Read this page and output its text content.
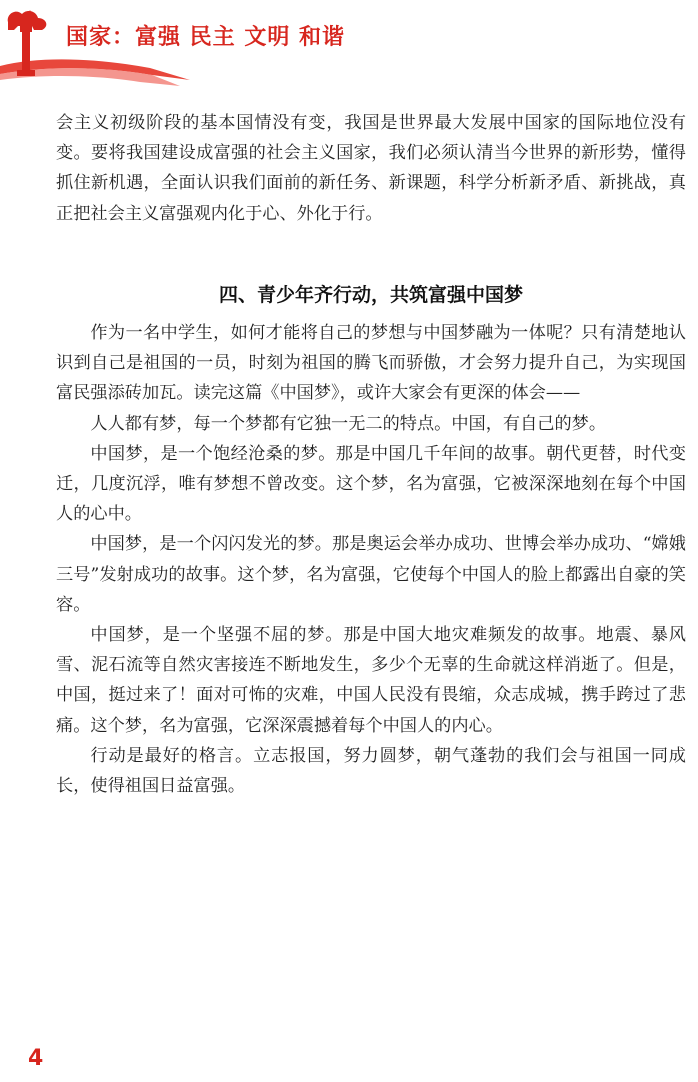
国家：富强 民主 文明 和谐

会主义初级阶段的基本国情没有变，我国是世界最大发展中国家的国际地位没有变。要将我国建设成富强的社会主义国家，我们必须认清当今世界的新形势，懂得抓住新机遇，全面认识我们面前的新任务、新课题，科学分析新矛盾、新挑战，真正把社会主义富强观内化于心、外化于行。

四、青少年齐行动，共筑富强中国梦

作为一名中学生，如何才能将自己的梦想与中国梦融为一体呢？只有清楚地认识到自己是祖国的一员，时刻为祖国的腾飞而骄傲，才会努力提升自己，为实现国富民强添砖加瓦。读完这篇《中国梦》，或许大家会有更深的体会——

人人都有梦，每一个梦都有它独一无二的特点。中国，有自己的梦。

中国梦，是一个饱经沧桑的梦。那是中国几千年间的故事。朝代更替，时代变迁，几度沉浮，唯有梦想不曾改变。这个梦，名为富强，它被深深地刻在每个中国人的心中。

中国梦，是一个闪闪发光的梦。那是奥运会举办成功、世博会举办成功、“嫦娥三号”发射成功的故事。这个梦，名为富强，它使每个中国人的脸上都露出自豪的笑容。

中国梦，是一个坚强不屈的梦。那是中国大地灾难频发的故事。地震、暴风雪、泥石流等自然灾害接连不断地发生，多少个无辜的生命就这样消逝了。但是，中国，挺过来了！面对可怖的灾难，中国人民没有畏缩，众志成城，携手跨过了悲痛。这个梦，名为富强，它深深震撼着每个中国人的内心。

行动是最好的格言。立志报国，努力圆梦，朝气蓬勃的我们会与祖国一同成长，使得祖国日益富强。

4
